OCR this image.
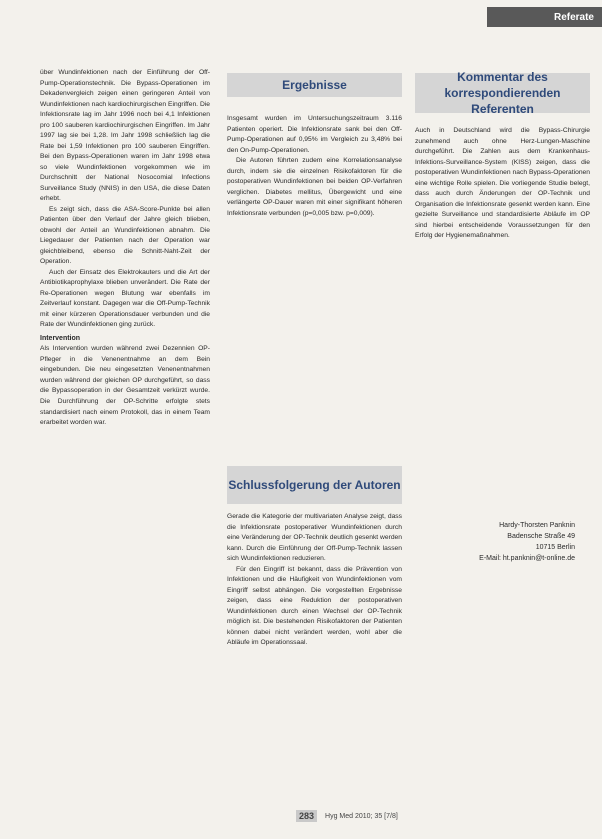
Referate

über Wundinfektionen nach der Einführung der Off-Pump-Operationstechnik. Die Bypass-Operationen im Dekadenvergleich zeigen einen geringeren Anteil von Wundinfektionen nach kardiochirurgischen Eingriffen. Die Infektionsrate lag im Jahr 1996 noch bei 4,1 Infektionen pro 100 sauberen kardiochirurgischen Eingriffen. Im Jahr 1997 lag sie bei 1,28. Im Jahr 1998 schließlich lag die Rate bei 1,59 Infektionen pro 100 sauberen Eingriffen. Bei den Bypass-Operationen waren im Jahr 1998 etwa so viele Wundinfektionen vorgekommen wie im Durchschnitt der National Nosocomial Infections Surveillance Study (NNIS) in den USA, die diese Daten erhebt.

Es zeigt sich, dass die ASA-Score-Punkte bei allen Patienten über den Verlauf der Jahre gleich blieben, obwohl der Anteil an Wundinfektionen abnahm. Die Liegedauer der Patienten nach der Operation war gleichbleibend, ebenso die Schnitt-Naht-Zeit der Operation.

Auch der Einsatz des Elektrokauters und die Art der Antibiotikaprophylaxe blieben unverändert. Die Rate der Re-Operationen wegen Blutung war ebenfalls im Zeitverlauf konstant. Dagegen war die Off-Pump-Technik mit einer kürzeren Operationsdauer verbunden und die Rate der Wundinfektionen ging zurück.

Intervention

Als Intervention wurden während zwei Dezennien OP-Pfleger in die Venenentnahme an dem Bein eingebunden. Die neu eingesetzten Venenentnahmen wurden während der gleichen OP durchgeführt, so dass die Bypassoperation in der Gesamtzeit verkürzt wurde. Die Durchführung der OP-Schritte erfolgte stets standardisiert nach einem Protokoll, das in einem Team erarbeitet worden war.

Ergebnisse

Insgesamt wurden im Untersuchungszeitraum 3.116 Patienten operiert. Die Infektionsrate sank bei den Off-Pump-Operationen auf 0,95% im Vergleich zu 3,48% bei den On-Pump-Operationen.

Die Autoren führten zudem eine Korrelationsanalyse durch, indem sie die einzelnen Risikofaktoren für die postoperativen Wundinfektionen bei beiden OP-Verfahren verglichen. Diabetes mellitus, Übergewicht und eine verlängerte OP-Dauer waren mit einer signifikant höheren Infektionsrate verbunden (p=0,005 bzw. p=0,009).

Schlussfolgerung der Autoren

Gerade die Kategorie der multivariaten Analyse zeigt, dass die Infektionsrate postoperativer Wundinfektionen durch eine Veränderung der OP-Technik deutlich gesenkt werden kann. Durch die Einführung der Off-Pump-Technik lassen sich Wundinfektionen reduzieren.

Für den Eingriff ist bekannt, dass die Prävention von Infektionen und die Häufigkeit von Wundinfektionen vom Eingriff selbst abhängen. Die vorgestellten Ergebnisse zeigen, dass eine Reduktion der postoperativen Wundinfektionen durch einen Wechsel der OP-Technik möglich ist. Die bestehenden Risikofaktoren der Patienten können dabei nicht verändert werden, wohl aber die Abläufe im Operationssaal.

Kommentar des korrespondierenden Referenten

Auch in Deutschland wird die Bypass-Chirurgie zunehmend auch ohne Herz-Lungen-Maschine durchgeführt. Die Zahlen aus dem Krankenhaus-Infektions-Surveillance-System (KISS) zeigen, dass die postoperativen Wundinfektionen nach Bypass-Operationen eine wichtige Rolle spielen. Die vorliegende Studie belegt, dass auch durch Änderungen der OP-Technik und Organisation die Infektionsrate gesenkt werden kann. Eine gezielte Surveillance und standardisierte Abläufe im OP sind hierbei entscheidende Voraussetzungen für den Erfolg der Hygienemaßnahmen.

Hardy-Thorsten Panknin
Badensche Straße 49
10715 Berlin
E-Mail: ht.panknin@t-online.de
283	Hyg Med 2010; 35 [7/8]
